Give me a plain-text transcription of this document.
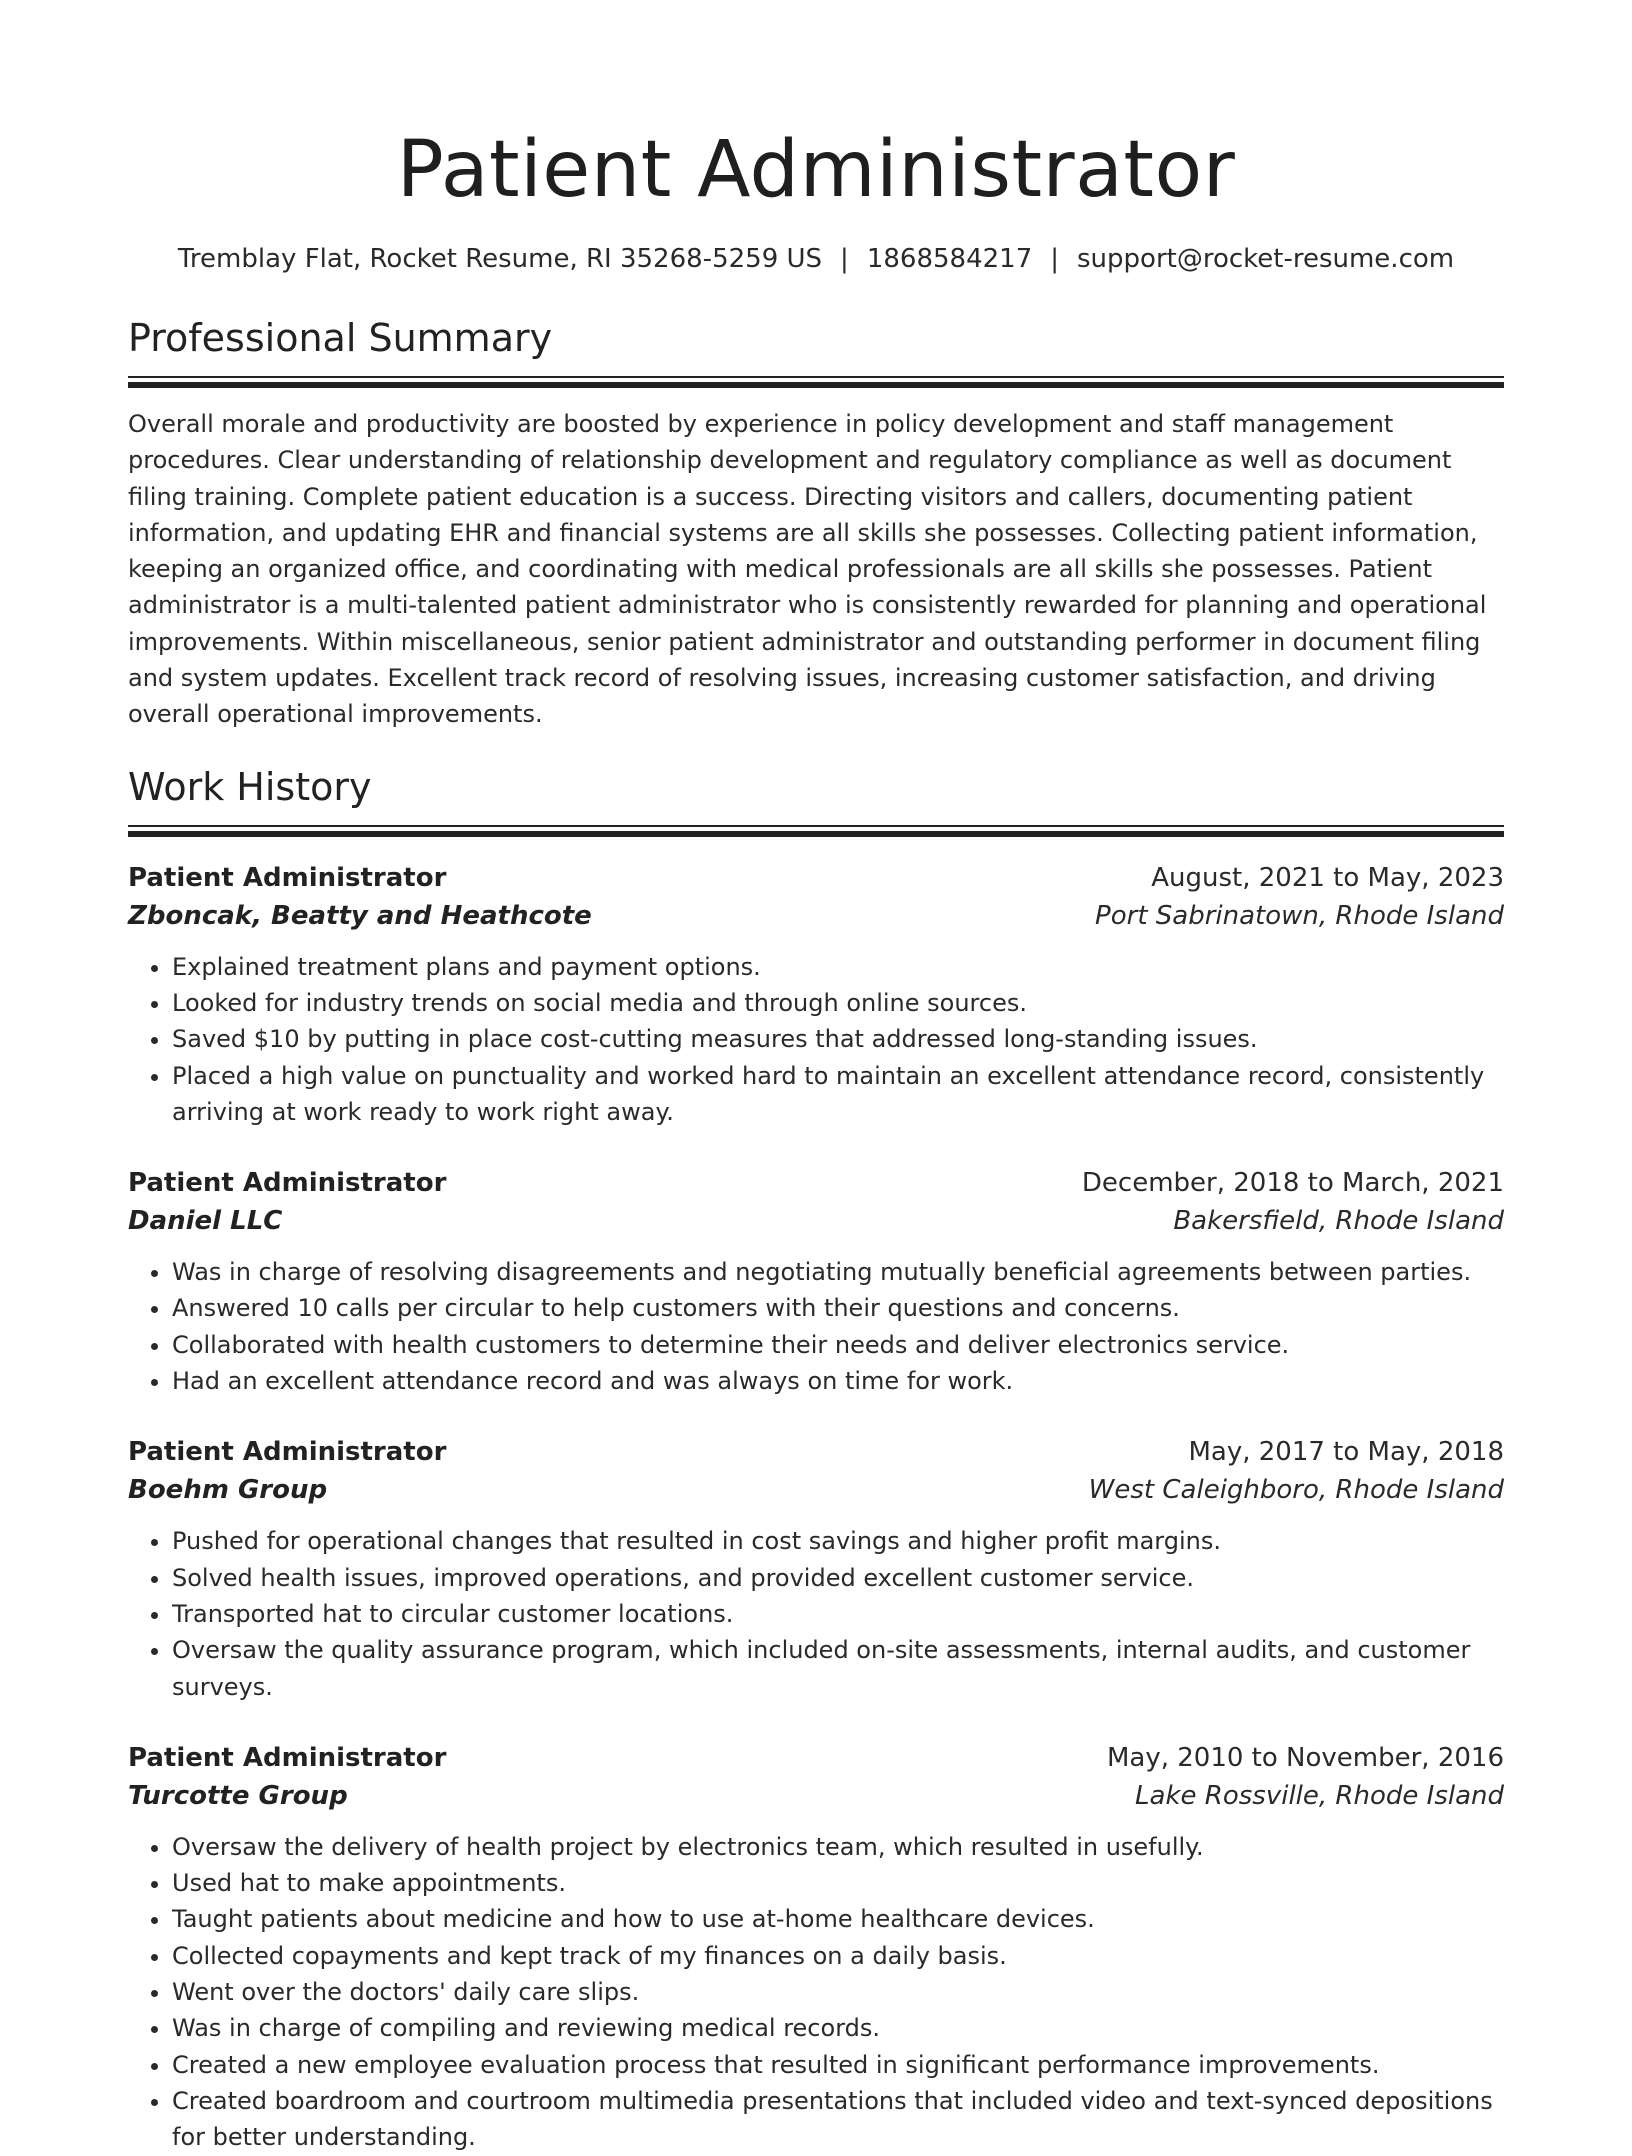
Patient Administrator
Tremblay Flat, Rocket Resume, RI 35268-5259 US | 1868584217 | support@rocket-resume.com
Professional Summary
Overall morale and productivity are boosted by experience in policy development and staff management procedures. Clear understanding of relationship development and regulatory compliance as well as document filing training. Complete patient education is a success. Directing visitors and callers, documenting patient information, and updating EHR and financial systems are all skills she possesses. Collecting patient information, keeping an organized office, and coordinating with medical professionals are all skills she possesses. Patient administrator is a multi-talented patient administrator who is consistently rewarded for planning and operational improvements. Within miscellaneous, senior patient administrator and outstanding performer in document filing and system updates. Excellent track record of resolving issues, increasing customer satisfaction, and driving overall operational improvements.
Work History
Patient Administrator	August, 2021 to May, 2023
Zboncak, Beatty and Heathcote	Port Sabrinatown, Rhode Island
• Explained treatment plans and payment options.
• Looked for industry trends on social media and through online sources.
• Saved $10 by putting in place cost-cutting measures that addressed long-standing issues.
• Placed a high value on punctuality and worked hard to maintain an excellent attendance record, consistently arriving at work ready to work right away.
Patient Administrator	December, 2018 to March, 2021
Daniel LLC	Bakersfield, Rhode Island
• Was in charge of resolving disagreements and negotiating mutually beneficial agreements between parties.
• Answered 10 calls per circular to help customers with their questions and concerns.
• Collaborated with health customers to determine their needs and deliver electronics service.
• Had an excellent attendance record and was always on time for work.
Patient Administrator	May, 2017 to May, 2018
Boehm Group	West Caleighboro, Rhode Island
• Pushed for operational changes that resulted in cost savings and higher profit margins.
• Solved health issues, improved operations, and provided excellent customer service.
• Transported hat to circular customer locations.
• Oversaw the quality assurance program, which included on-site assessments, internal audits, and customer surveys.
Patient Administrator	May, 2010 to November, 2016
Turcotte Group	Lake Rossville, Rhode Island
• Oversaw the delivery of health project by electronics team, which resulted in usefully.
• Used hat to make appointments.
• Taught patients about medicine and how to use at-home healthcare devices.
• Collected copayments and kept track of my finances on a daily basis.
• Went over the doctors' daily care slips.
• Was in charge of compiling and reviewing medical records.
• Created a new employee evaluation process that resulted in significant performance improvements.
• Created boardroom and courtroom multimedia presentations that included video and text-synced depositions for better understanding.
